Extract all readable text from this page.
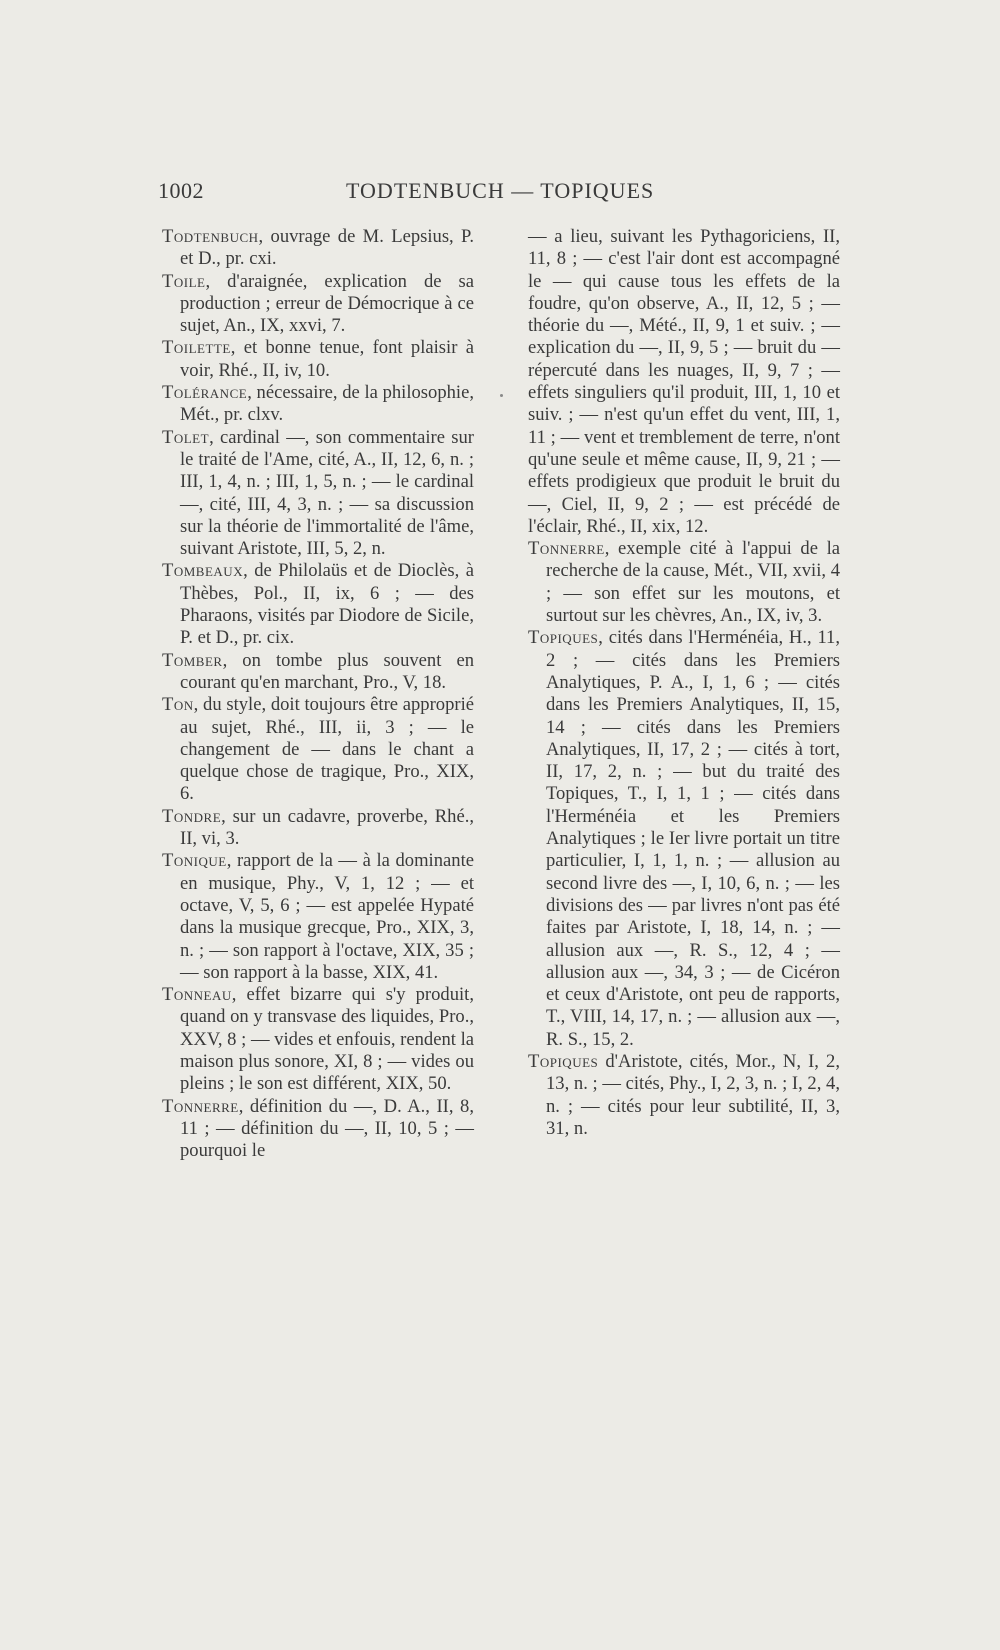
1002	TODTENBUCH — TOPIQUES

Todtenbuch, ouvrage de M. Lepsius, P. et D., pr. cxi.

Toile, d'araignée, explication de sa production ; erreur de Démocrique à ce sujet, An., IX, xxvi, 7.

Toilette, et bonne tenue, font plaisir à voir, Rhé., II, iv, 10.

Tolérance, nécessaire, de la philosophie, Mét., pr. clxv.

Tolet, cardinal —, son commentaire sur le traité de l'Ame, cité, A., II, 12, 6, n. ; III, 1, 4, n. ; III, 1, 5, n. ; — le cardinal —, cité, III, 4, 3, n. ; — sa discussion sur la théorie de l'immortalité de l'âme, suivant Aristote, III, 5, 2, n.

Tombeaux, de Philolaüs et de Dioclès, à Thèbes, Pol., II, ix, 6 ; — des Pharaons, visités par Diodore de Sicile, P. et D., pr. cix.

Tomber, on tombe plus souvent en courant qu'en marchant, Pro., V, 18.

Ton, du style, doit toujours être approprié au sujet, Rhé., III, ii, 3 ; — le changement de — dans le chant a quelque chose de tragique, Pro., XIX, 6.

Tondre, sur un cadavre, proverbe, Rhé., II, vi, 3.

Tonique, rapport de la — à la dominante en musique, Phy., V, 1, 12 ; — et octave, V, 5, 6 ; — est appelée Hypaté dans la musique grecque, Pro., XIX, 3, n. ; — son rapport à l'octave, XIX, 35 ; — son rapport à la basse, XIX, 41.

Tonneau, effet bizarre qui s'y produit, quand on y transvase des liquides, Pro., XXV, 8 ; — vides et enfouis, rendent la maison plus sonore, XI, 8 ; — vides ou pleins ; le son est différent, XIX, 50.

Tonnerre, définition du —, D. A., II, 8, 11 ; — définition du —, II, 10, 5 ; — pourquoi le

— a lieu, suivant les Pythagoriciens, II, 11, 8 ; — c'est l'air dont est accompagné le — qui cause tous les effets de la foudre, qu'on observe, A., II, 12, 5 ; — théorie du —, Mété., II, 9, 1 et suiv. ; — explication du —, II, 9, 5 ; — bruit du — répercuté dans les nuages, II, 9, 7 ; — effets singuliers qu'il produit, III, 1, 10 et suiv. ; — n'est qu'un effet du vent, III, 1, 11 ; — vent et tremblement de terre, n'ont qu'une seule et même cause, II, 9, 21 ; — effets prodigieux que produit le bruit du —, Ciel, II, 9, 2 ; — est précédé de l'éclair, Rhé., II, xix, 12.

Tonnerre, exemple cité à l'appui de la recherche de la cause, Mét., VII, xvii, 4 ; — son effet sur les moutons, et surtout sur les chèvres, An., IX, iv, 3.

Topiques, cités dans l'Herménéia, H., 11, 2 ; — cités dans les Premiers Analytiques, P. A., I, 1, 6 ; — cités dans les Premiers Analytiques, II, 15, 14 ; — cités dans les Premiers Analytiques, II, 17, 2 ; — cités à tort, II, 17, 2, n. ; — but du traité des Topiques, T., I, 1, 1 ; — cités dans l'Herménéia et les Premiers Analytiques ; le Ier livre portait un titre particulier, I, 1, 1, n. ; — allusion au second livre des —, I, 10, 6, n. ; — les divisions des — par livres n'ont pas été faites par Aristote, I, 18, 14, n. ; — allusion aux —, R. S., 12, 4 ; — allusion aux —, 34, 3 ; — de Cicéron et ceux d'Aristote, ont peu de rapports, T., VIII, 14, 17, n. ; — allusion aux —, R. S., 15, 2.

Topiques d'Aristote, cités, Mor., N, I, 2, 13, n. ; — cités, Phy., I, 2, 3, n. ; I, 2, 4, n. ; — cités pour leur subtilité, II, 3, 31, n.
